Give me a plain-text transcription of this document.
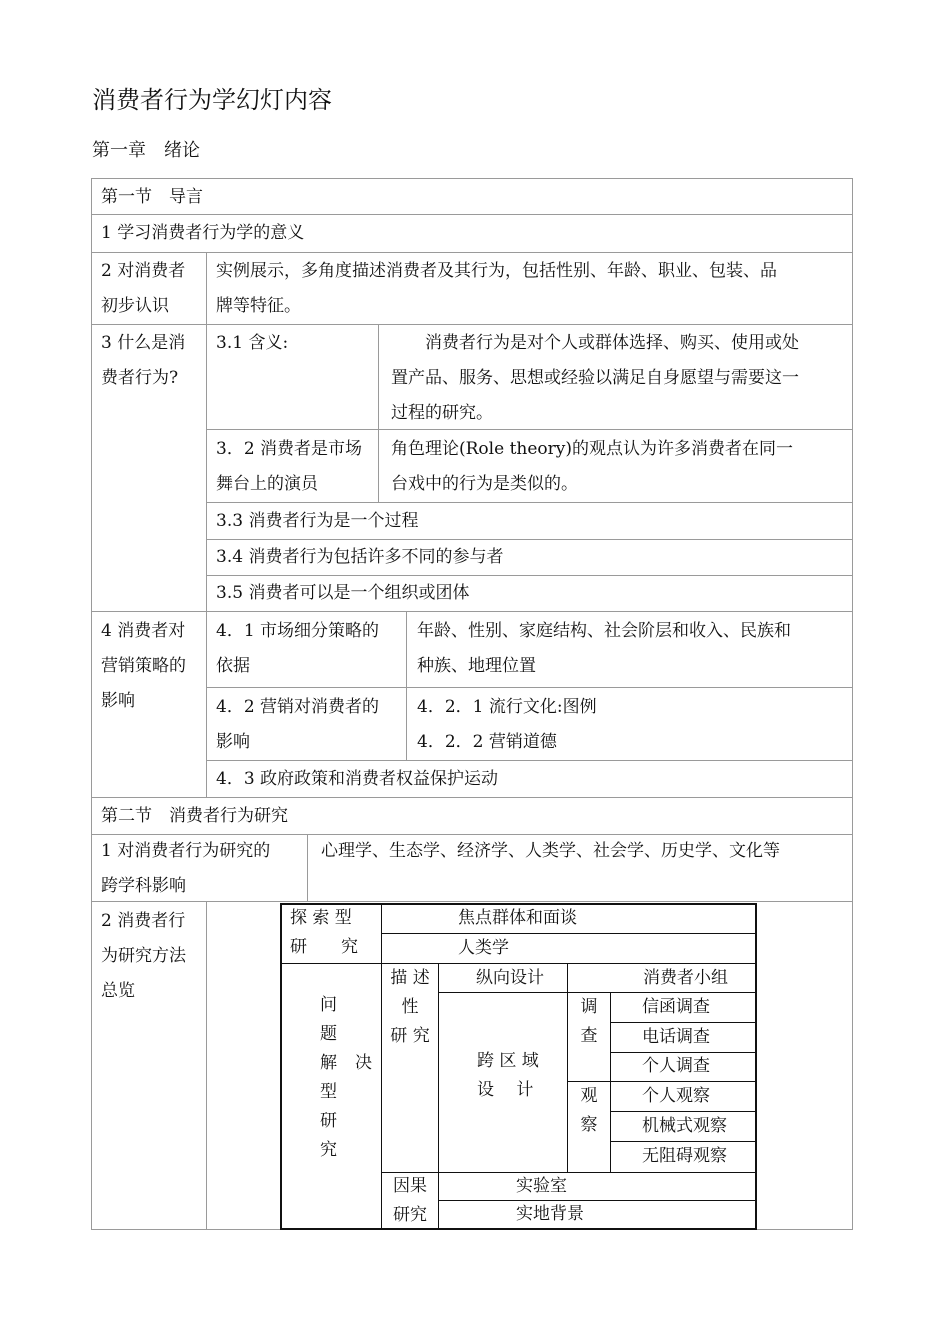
消费者行为学幻灯内容
第一章　绪论
第一节　导言
1 学习消费者行为学的意义
2 对消费者
初步认识
实例展示，多角度描述消费者及其行为，包括性别、年龄、职业、包装、品
牌等特征。
3 什么是消
费者行为?
3.1 含义:	　　消费者行为是对个人或群体选择、购买、使用或处
置产品、服务、思想或经验以满足自身愿望与需要这一
过程的研究。
3．2 消费者是市场
舞台上的演员
角色理论(Role theory)的观点认为许多消费者在同一
台戏中的行为是类似的。
3.3 消费者行为是一个过程
3.4 消费者行为包括许多不同的参与者
3.5 消费者可以是一个组织或团体
4 消费者对
营销策略的
影响
4．1 市场细分策略的
依据
年龄、性别、家庭结构、社会阶层和收入、民族和
种族、地理位置
4．2 营销对消费者的
影响
4．2．1 流行文化:图例
4．2．2 营销道德
4．3 政府政策和消费者权益保护运动
第二节　消费者行为研究
1 对消费者行为研究的
跨学科影响
心理学、生态学、经济学、人类学、社会学、历史学、文化等
2 消费者行
为研究方法
总览
探 索 型
研　　究
焦点群体和面谈
人类学
问
题
解
型
研
究
决
描 述
性
研 究
纵向设计	消费者小组
跨 区 域
设　 计
调
查
信函调查
电话调查
个人调查
观
察
个人观察
机械式观察
无阻碍观察
因果
研究
实验室
实地背景
